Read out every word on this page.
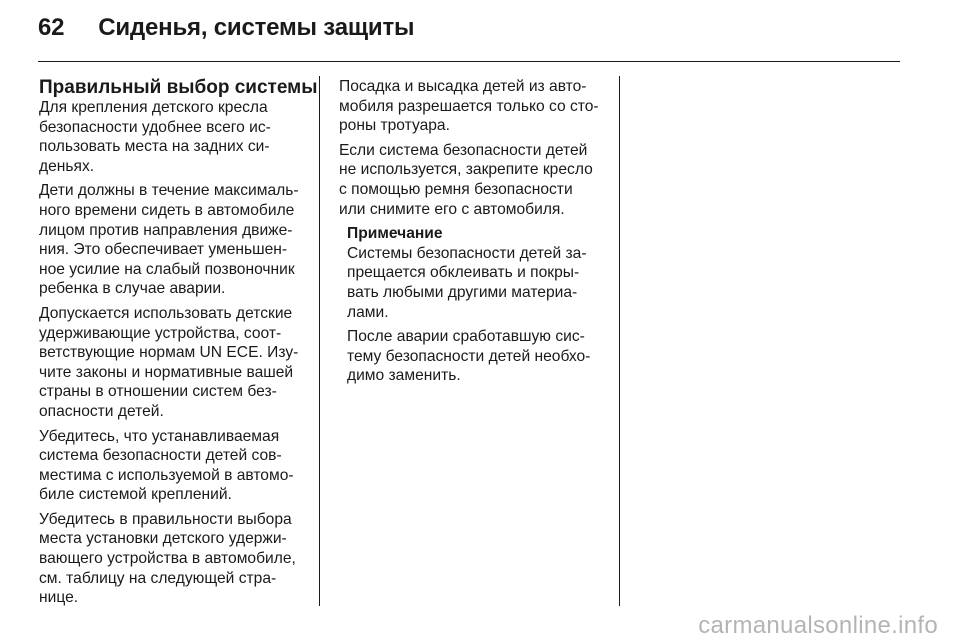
62 Сиденья, системы защиты
Правильный выбор системы
Для крепления детского кресла
безопасности удобнее всего ис-
пользовать места на задних си-
деньях.
Дети должны в течение максималь-
ного времени сидеть в автомобиле
лицом против направления движе-
ния. Это обеспечивает уменьшен-
ное усилие на слабый позвоночник
ребенка в случае аварии.
Допускается использовать детские
удерживающие устройства, соот-
ветствующие нормам UN ECE. Изу-
чите законы и нормативные вашей
страны в отношении систем без-
опасности детей.
Убедитесь, что устанавливаемая
система безопасности детей сов-
местима с используемой в автомо-
биле системой креплений.
Убедитесь в правильности выбора
места установки детского удержи-
вающего устройства в автомобиле,
см. таблицу на следующей стра-
нице.
Посадка и высадка детей из авто-
мобиля разрешается только со сто-
роны тротуара.
Если система безопасности детей
не используется, закрепите кресло
с помощью ремня безопасности
или снимите его с автомобиля.
Примечание
Системы безопасности детей за-
прещается обклеивать и покры-
вать любыми другими материа-
лами.
После аварии сработавшую сис-
тему безопасности детей необхо-
димо заменить.
carmanualsonline.info
